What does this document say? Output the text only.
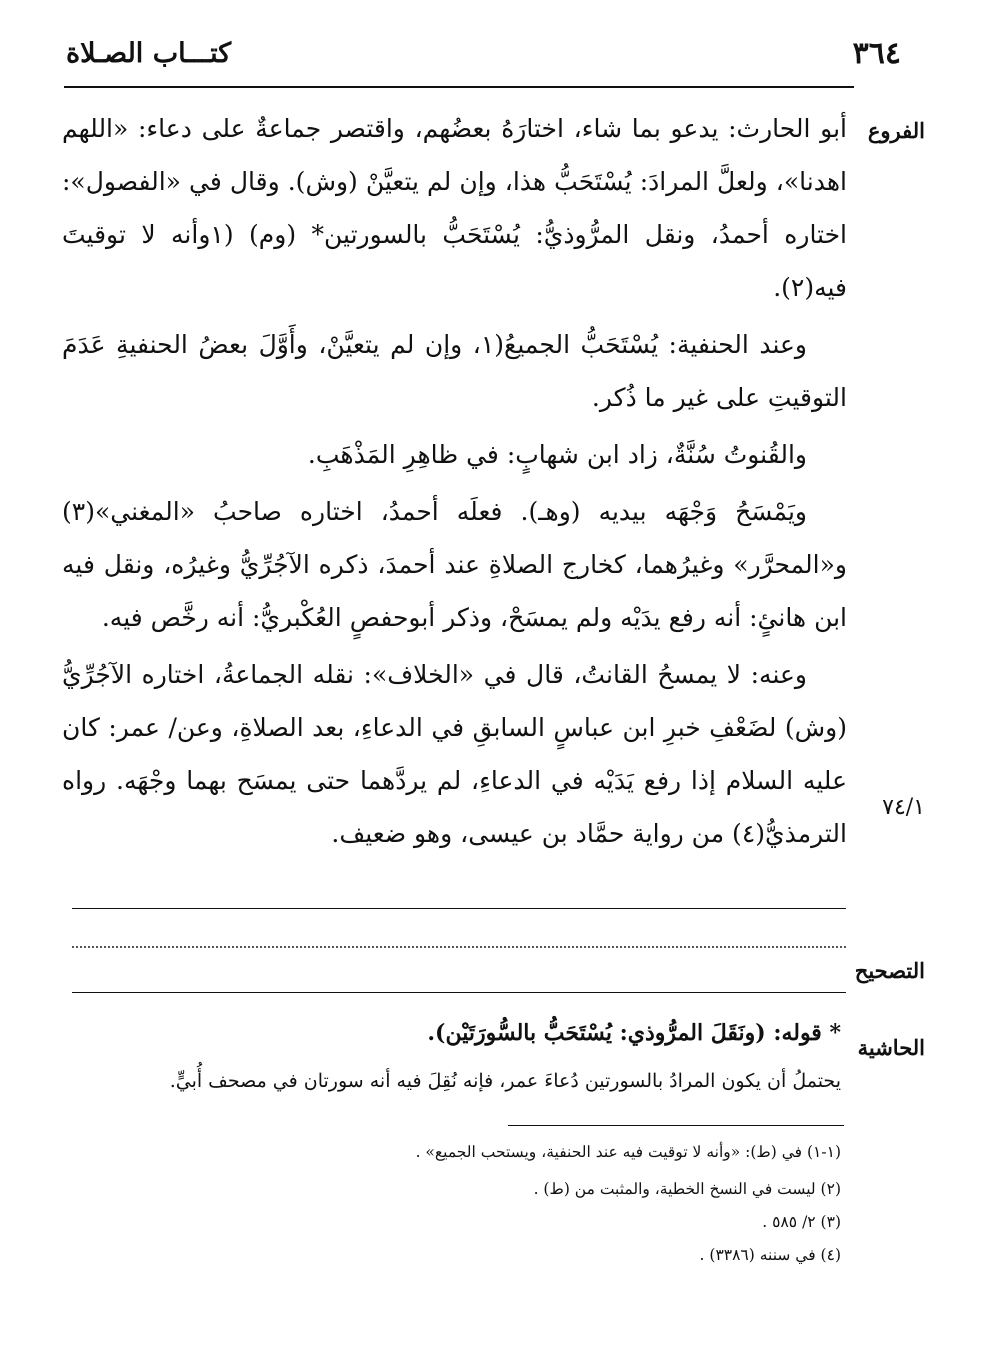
كتـــاب الصـلاة	٣٦٤
الفروع
٧٤/١
التصحيح
الحاشية

أبو الحارث: يدعو بما شاء، اختارَهُ بعضُهم، واقتصر جماعةٌ على دعاء: «اللهم اهدنا»، ولعلَّ المرادَ: يُسْتَحَبُّ هذا، وإن لم يتعيَّنْ (وش). وقال في «الفصول»: اختاره أحمدُ، ونقل المرُّوذيُّ: يُسْتَحَبُّ بالسورتين* (وم) (١وأنه لا توقيتَ فيه(٢).

وعند الحنفية: يُسْتَحَبُّ الجميعُ(١، وإن لم يتعيَّنْ، وأَوَّلَ بعضُ الحنفيةِ عَدَمَ التوقيتِ على غير ما ذُكر.

والقُنوتُ سُنَّةٌ، زاد ابن شهابٍ: في ظاهِرِ المَذْهَبِ.

ويَمْسَحُ وَجْهَه بيديه (وهـ). فعلَه أحمدُ، اختاره صاحبُ «المغني»(٣) و«المحرَّر» وغيرُهما، كخارج الصلاةِ عند أحمدَ، ذكره الآجُرِّيُّ وغيرُه، ونقل فيه ابن هانئٍ: أنه رفع يدَيْه ولم يمسَحْ، وذكر أبوحفصٍ العُكْبريُّ: أنه رخَّص فيه.

وعنه: لا يمسحُ القانتُ، قال في «الخلاف»: نقله الجماعةُ، اختاره الآجُرِّيُّ (وش) لضَعْفِ خبرِ ابن عباسٍ السابقِ في الدعاءِ، بعد الصلاةِ، وعن/ عمر: كان عليه السلام إذا رفع يَدَيْه في الدعاءِ، لم يردَّهما حتى يمسَح بهما وجْهَه. رواه الترمذيُّ(٤) من رواية حمَّاد بن عيسى، وهو ضعيف.

* قوله: (ونَقَلَ المرُّوذي: يُسْتَحَبُّ بالسُّورَتَيْن).
يحتملُ أن يكون المرادُ بالسورتين دُعاءَ عمر، فإنه نُقِلَ فيه أنه سورتان في مصحف أُبيٍّ.
(١-١) في (ط): «وأنه لا توقيت فيه عند الحنفية، ويستحب الجميع» .
(٢) ليست في النسخ الخطية، والمثبت من (ط) .
(٣) ٢/ ٥٨٥ .
(٤) في سننه (٣٣٨٦) .
